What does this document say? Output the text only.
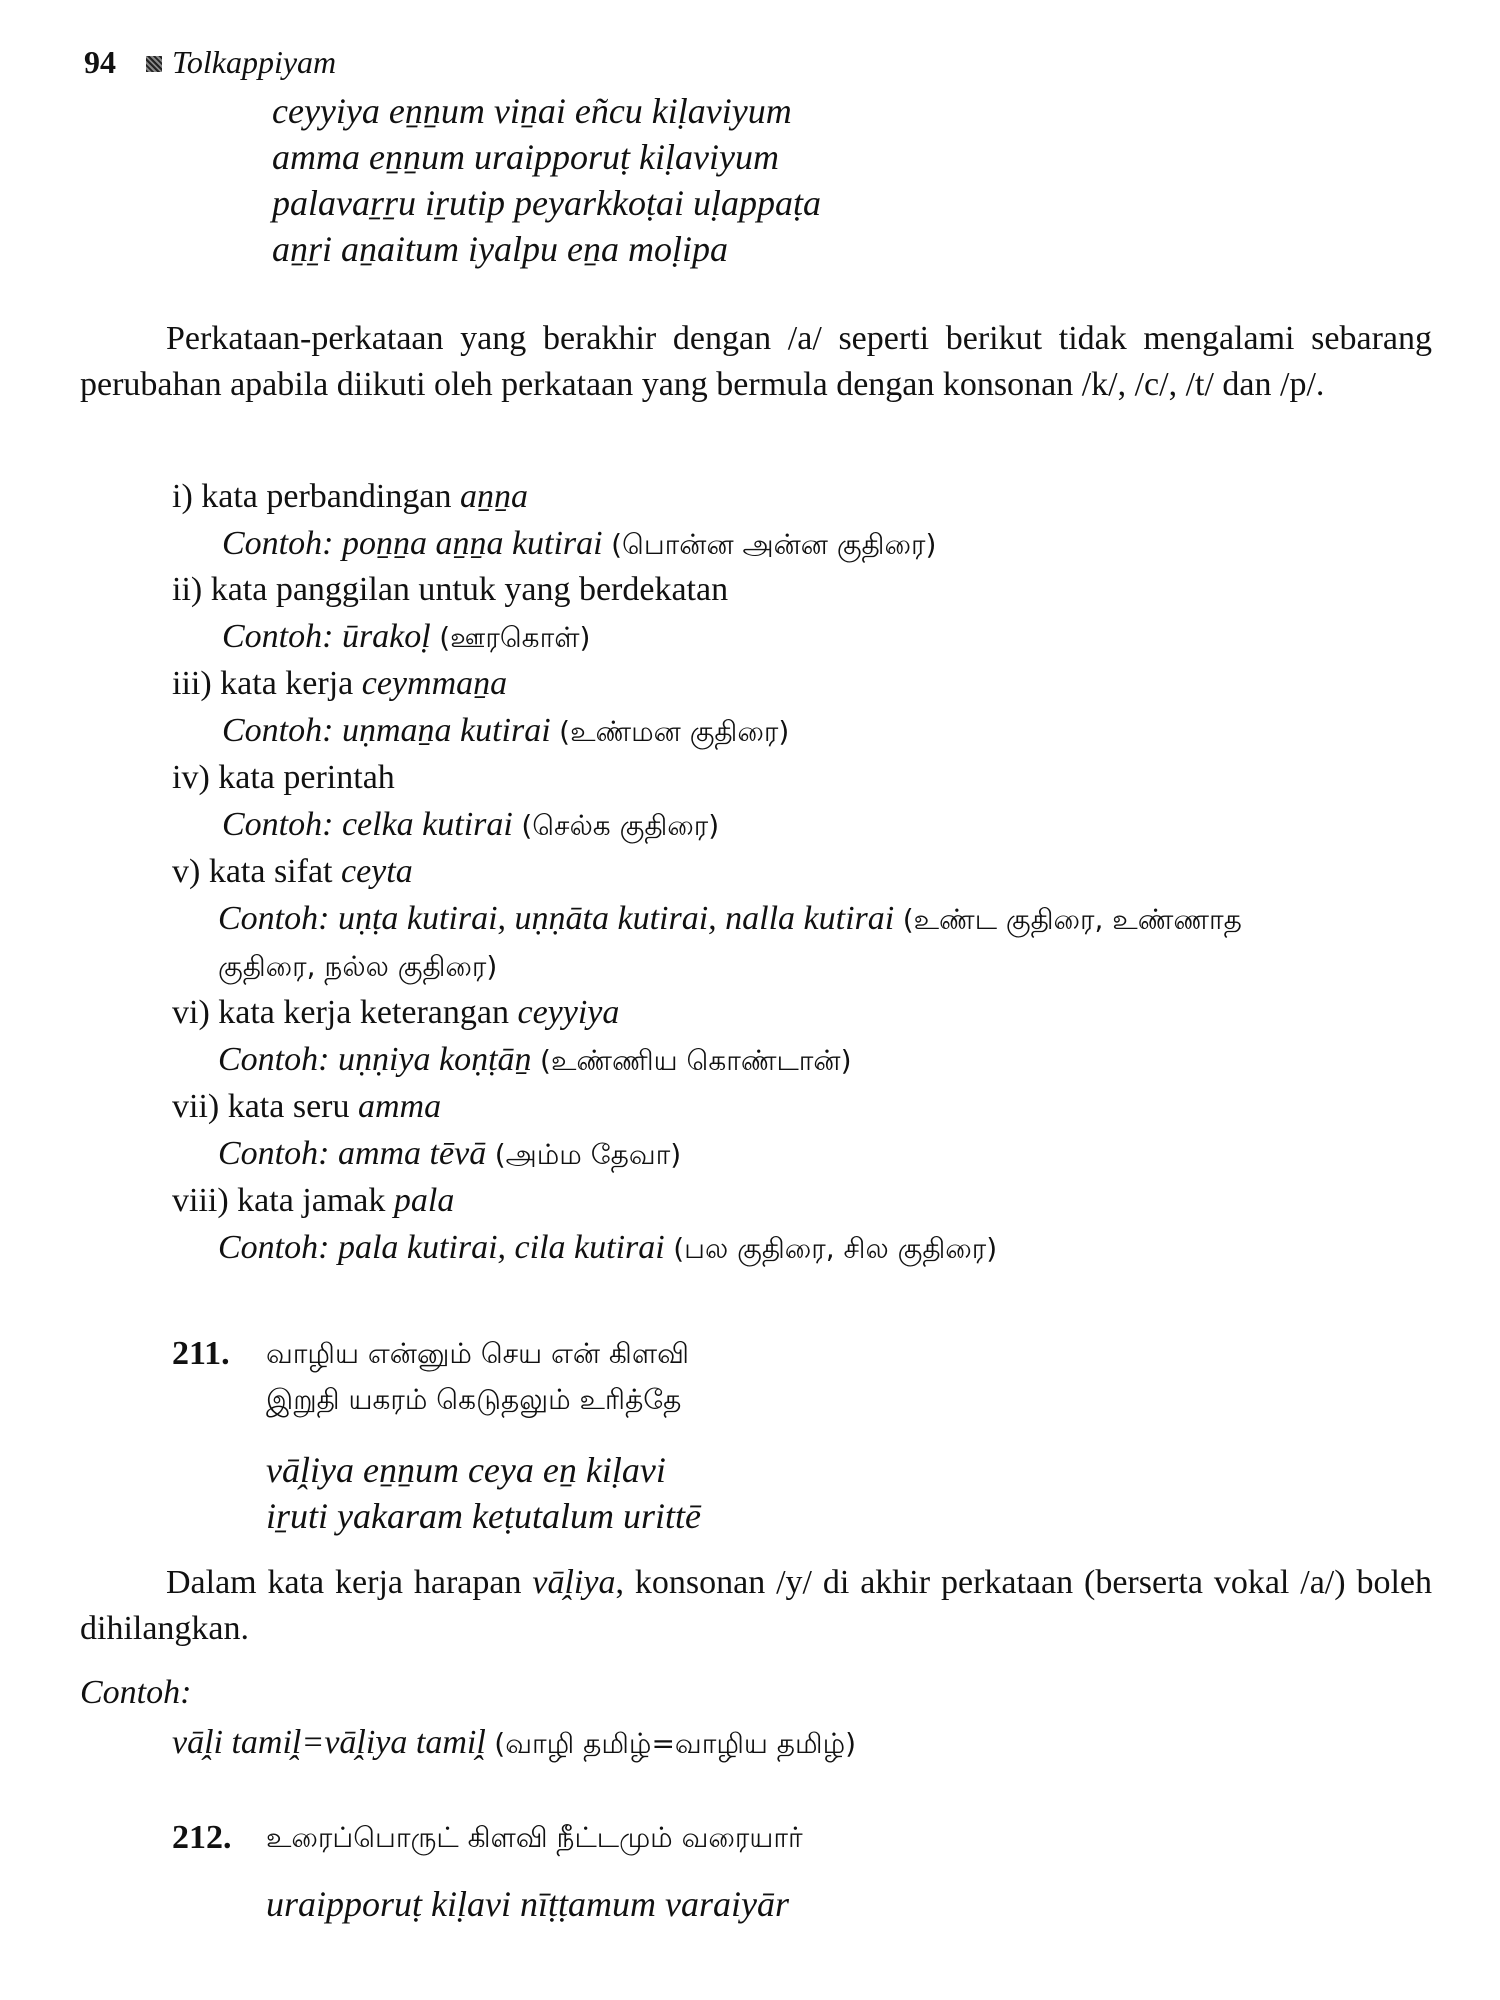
94 Tolkappiyam
ceyyiya eṉṉum viṉai eñcu kiḷaviyum
amma eṉṉum uraipporuṭ kiḷaviyum
palavaṟṟu iṟutip peyarkkoṭai uḷappaṭa
aṉṟi aṉaitum iyalpu eṉa moḷipa

Perkataan-perkataan yang berakhir dengan /a/ seperti berikut tidak mengalami sebarang perubahan apabila diikuti oleh perkataan yang bermula dengan konsonan /k/, /c/, /t/ dan /p/.

i) kata perbandingan aṉṉa
Contoh: poṉṉa aṉṉa kutirai (பொன்ன அன்ன குதிரை)
ii) kata panggilan untuk yang berdekatan
Contoh: ūrakoḷ (ஊரகொள்)
iii) kata kerja ceymmaṉa
Contoh: uṇmaṉa kutirai (உண்மன குதிரை)
iv) kata perintah
Contoh: celka kutirai (செல்க குதிரை)
v) kata sifat ceyta
Contoh: uṇṭa kutirai, uṇṇāta kutirai, nalla kutirai (உண்ட குதிரை, உண்ணாத
குதிரை, நல்ல குதிரை)
vi) kata kerja keterangan ceyyiya
Contoh: uṇṇiya koṇṭāṉ (உண்ணிய கொண்டான்)
vii) kata seru amma
Contoh: amma tēvā (அம்ம தேவா)
viii) kata jamak pala
Contoh: pala kutirai, cila kutirai (பல குதிரை, சில குதிரை)
211. வாழிய என்னும் செய என் கிளவி
இறுதி யகரம் கெடுதலும் உரித்தே
vāḽiya eṉṉum ceya eṉ kiḷavi
iṟuti yakaram keṭutalum urittē

Dalam kata kerja harapan vāḽiya, konsonan /y/ di akhir perkataan (berserta vokal /a/) boleh dihilangkan.

Contoh:
vāḽi tamiḽ=vāḽiya tamiḽ (வாழி தமிழ்=வாழிய தமிழ்)
212. உரைப்பொருட் கிளவி நீட்டமும் வரையார்
uraipporuṭ kiḷavi nīṭṭamum varaiyār
